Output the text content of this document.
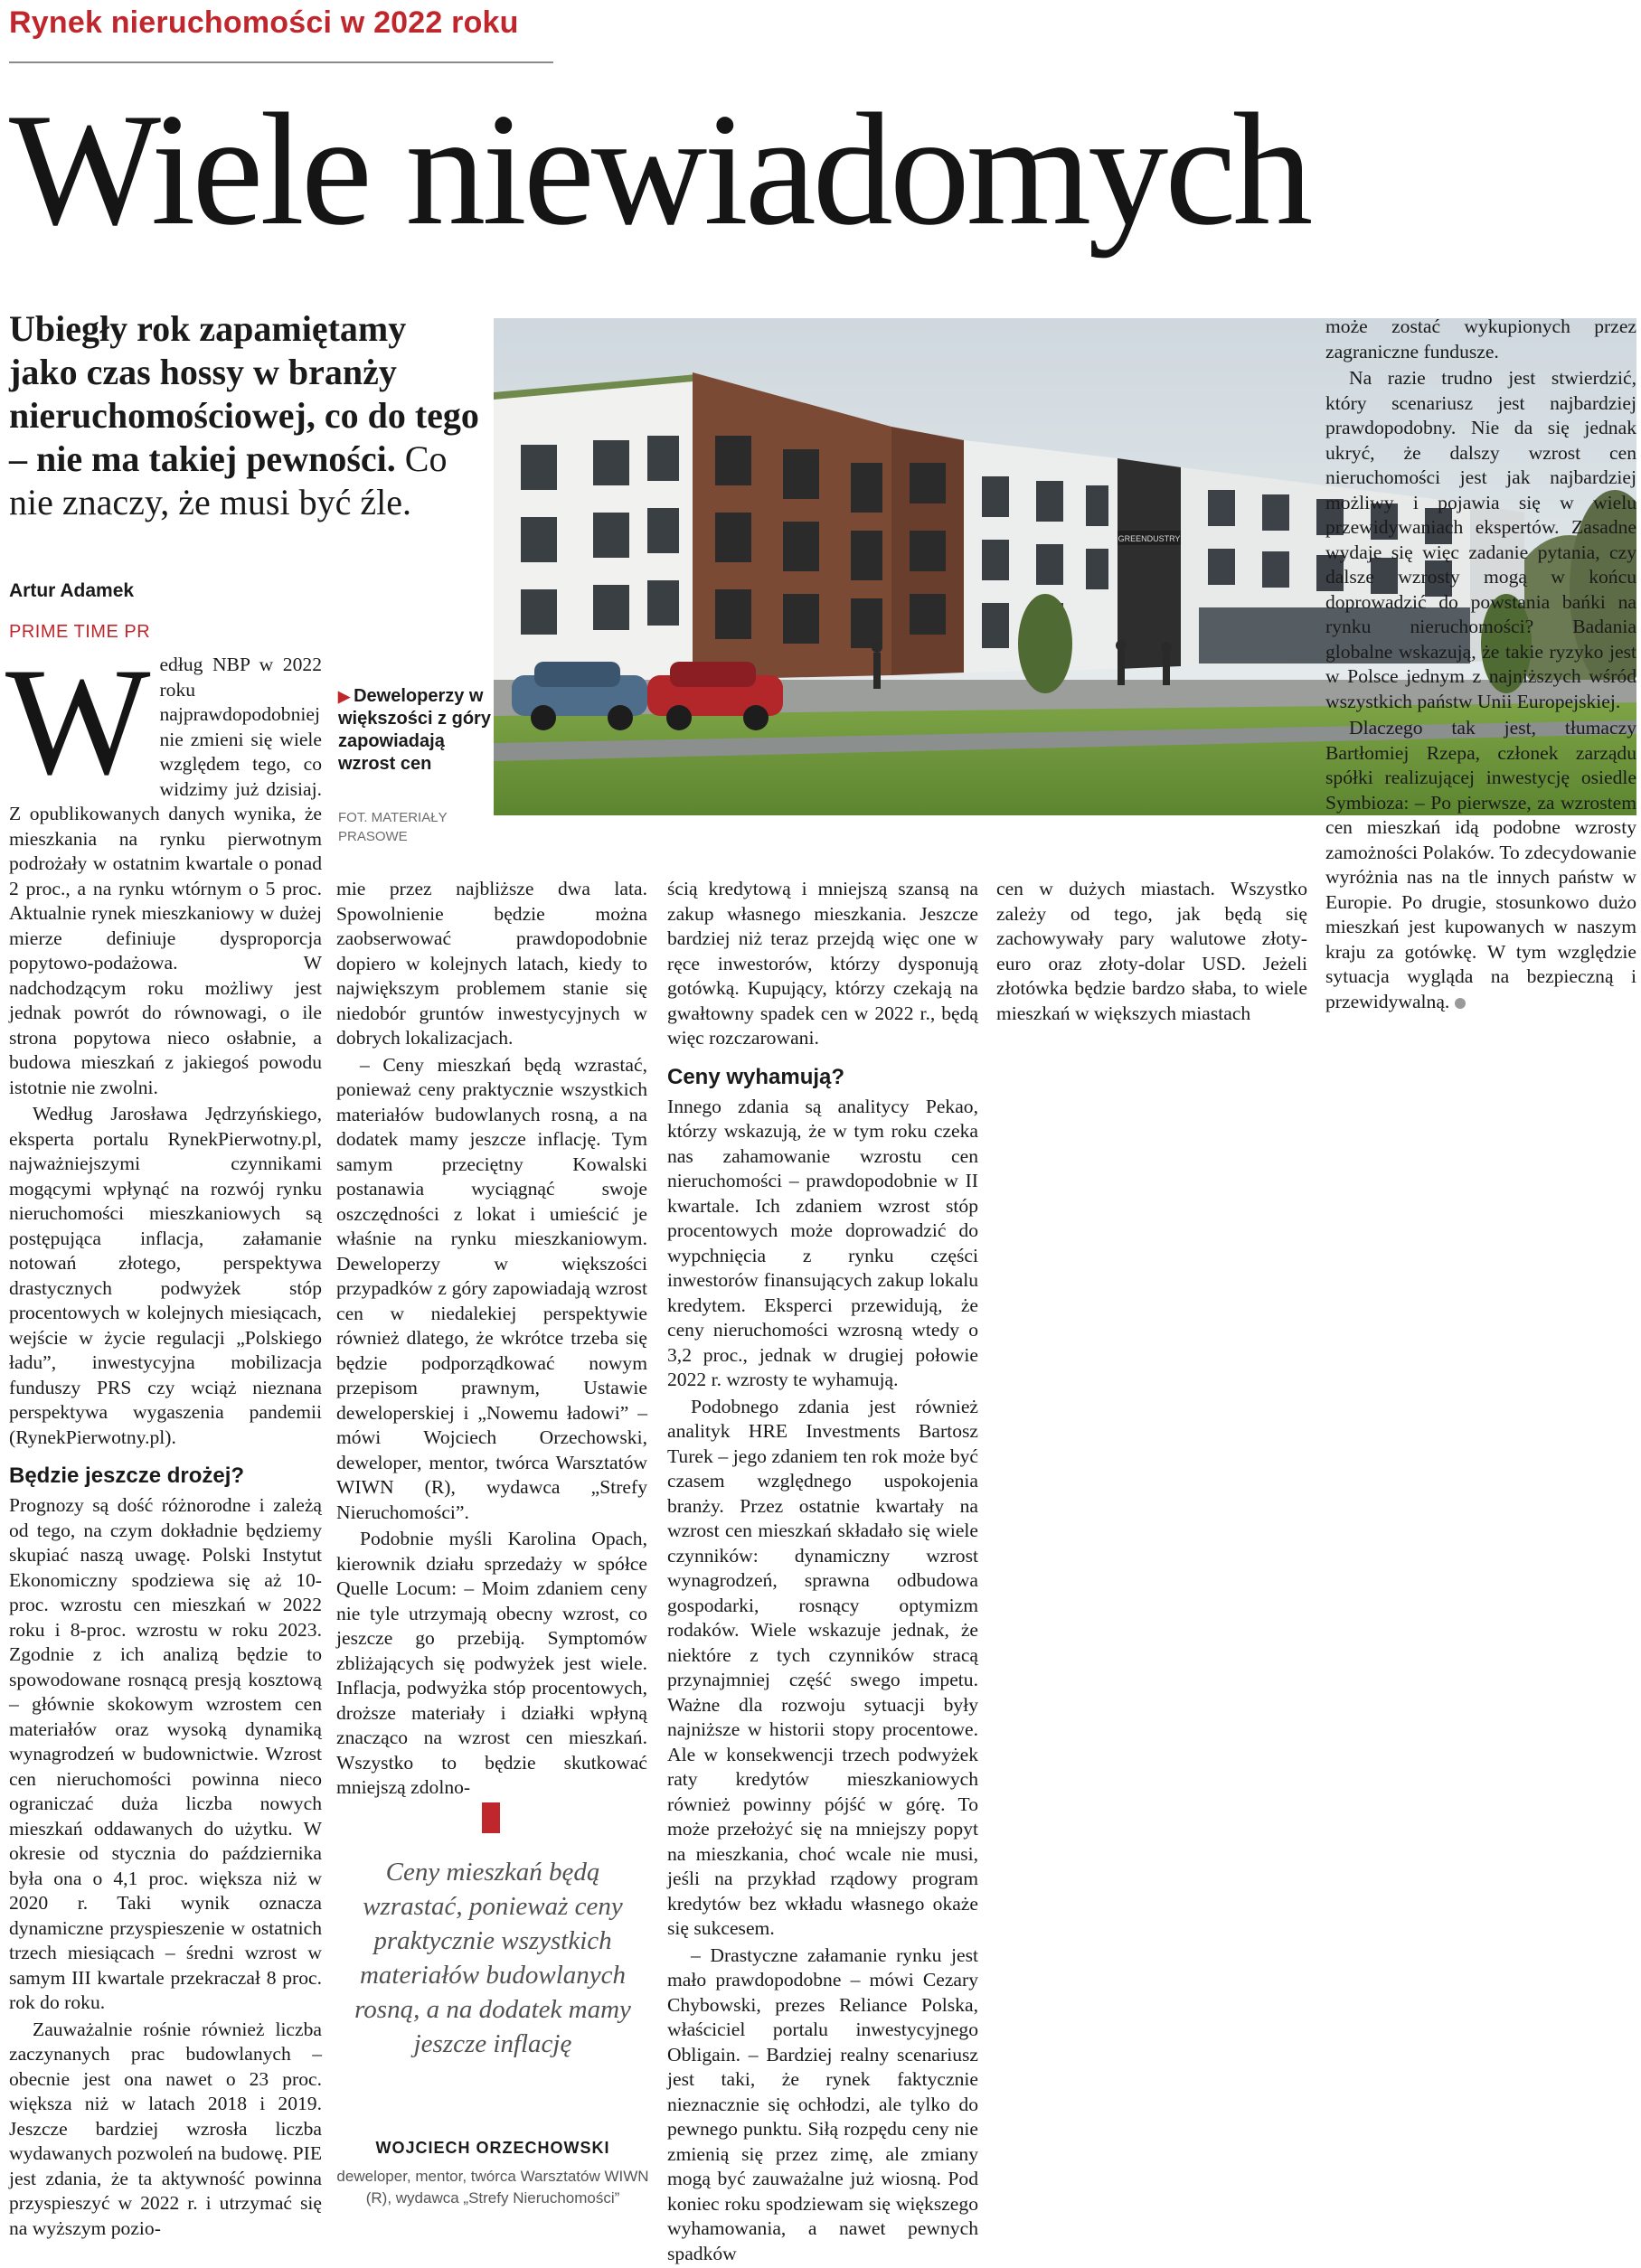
Rynek nieruchomości w 2022 roku
Wiele niewiadomych
Ubiegły rok zapamiętamy jako czas hossy w branży nieruchomościowej, co do tego – nie ma takiej pewności. Co nie znaczy, że musi być źle.
Artur Adamek
PRIME TIME PR
W edług NBP w 2022 roku najprawdopodobniej nie zmieni się wiele względem tego, co widzimy już dzisiaj. Z opublikowanych danych wynika, że mieszkania na rynku pierwotnym podrożały w ostatnim kwartale o ponad 2 proc., a na rynku wtórnym o 5 proc. Aktualnie rynek mieszkaniowy w dużej mierze definiuje dysproporcja popytowo-podażowa. W nadchodzącym roku możliwy jest jednak powrót do równowagi, o ile strona popytowa nieco osłabnie, a budowa mieszkań z jakiegoś powodu istotnie nie zwolni.

Według Jarosława Jędrzyńskiego, eksperta portalu RynekPierwotny.pl, najważniejszymi czynnikami mogącymi wpłynąć na rozwój rynku nieruchomości mieszkaniowych są postępująca inflacja, załamanie notowań złotego, perspektywa drastycznych podwyżek stóp procentowych w kolejnych miesiącach, wejście w życie regulacji „Polskiego ładu”, inwestycyjna mobilizacja funduszy PRS czy wciąż nieznana perspektywa wygaszenia pandemii (RynekPierwotny.pl).

Będzie jeszcze drożej?

Prognozy są dość różnorodne i zależą od tego, na czym dokładnie będziemy skupiać naszą uwagę. Polski Instytut Ekonomiczny spodziewa się aż 10-proc. wzrostu cen mieszkań w 2022 roku i 8-proc. wzrostu w roku 2023. Zgodnie z ich analizą będzie to spowodowane rosnącą presją kosztową – głównie skokowym wzrostem cen materiałów oraz wysoką dynamiką wynagrodzeń w budownictwie. Wzrost cen nieruchomości powinna nieco ograniczać duża liczba nowych mieszkań oddawanych do użytku. W okresie od stycznia do października była ona o 4,1 proc. większa niż w 2020 r. Taki wynik oznacza dynamiczne przyspieszenie w ostatnich trzech miesiącach – średni wzrost w samym III kwartale przekraczał 8 proc. rok do roku.

Zauważalnie rośnie również liczba zaczynanych prac budowlanych – obecnie jest ona nawet o 23 proc. większa niż w latach 2018 i 2019. Jeszcze bardziej wzrosła liczba wydawanych pozwoleń na budowę. PIE jest zdania, że ta aktywność powinna przyspieszyć w 2022 r. i utrzymać się na wyższym pozio-

▶ Deweloperzy w większości z góry zapowiadają wzrost cen
FOT. MATERIAŁY PRASOWE
GREENDUSTRY

mie przez najbliższe dwa lata. Spowolnienie będzie można zaobserwować prawdopodobnie dopiero w kolejnych latach, kiedy to największym problemem stanie się niedobór gruntów inwestycyjnych w dobrych lokalizacjach.

– Ceny mieszkań będą wzrastać, ponieważ ceny praktycznie wszystkich materiałów budowlanych rosną, a na dodatek mamy jeszcze inflację. Tym samym przeciętny Kowalski postanawia wyciągnąć swoje oszczędności z lokat i umieścić je właśnie na rynku mieszkaniowym. Deweloperzy w większości przypadków z góry zapowiadają wzrost cen w niedalekiej perspektywie również dlatego, że wkrótce trzeba się będzie podporządkować nowym przepisom prawnym, Ustawie deweloperskiej i „Nowemu ładowi” – mówi Wojciech Orzechowski, deweloper, mentor, twórca Warsztatów WIWN (R), wydawca „Strefy Nieruchomości”.

Podobnie myśli Karolina Opach, kierownik działu sprzedaży w spółce Quelle Locum: – Moim zdaniem ceny nie tyle utrzymają obecny wzrost, co jeszcze go przebiją. Symptomów zbliżających się podwyżek jest wiele. Inflacja, podwyżka stóp procentowych, droższe materiały i działki wpłyną znacząco na wzrost cen mieszkań. Wszystko to będzie skutkować mniejszą zdolno-

Ceny mieszkań będą wzrastać, ponieważ ceny praktycznie wszystkich materiałów budowlanych rosną, a na dodatek mamy jeszcze inflację
WOJCIECH ORZECHOWSKI
deweloper, mentor, twórca Warsztatów WIWN (R), wydawca „Strefy Nieruchomości”

ścią kredytową i mniejszą szansą na zakup własnego mieszkania. Jeszcze bardziej niż teraz przejdą więc one w ręce inwestorów, którzy dysponują gotówką. Kupujący, którzy czekają na gwałtowny spadek cen w 2022 r., będą więc rozczarowani.

Ceny wyhamują?

Innego zdania są analitycy Pekao, którzy wskazują, że w tym roku czeka nas zahamowanie wzrostu cen nieruchomości – prawdopodobnie w II kwartale. Ich zdaniem wzrost stóp procentowych może doprowadzić do wypchnięcia z rynku części inwestorów finansujących zakup lokalu kredytem. Eksperci przewidują, że ceny nieruchomości wzrosną wtedy o 3,2 proc., jednak w drugiej połowie 2022 r. wzrosty te wyhamują.

Podobnego zdania jest również analityk HRE Investments Bartosz Turek – jego zdaniem ten rok może być czasem względnego uspokojenia branży. Przez ostatnie kwartały na wzrost cen mieszkań składało się wiele czynników: dynamiczny wzrost wynagrodzeń, sprawna odbudowa gospodarki, rosnący optymizm rodaków. Wiele wskazuje jednak, że niektóre z tych czynników stracą przynajmniej część swego impetu. Ważne dla rozwoju sytuacji były najniższe w historii stopy procentowe. Ale w konsekwencji trzech podwyżek raty kredytów mieszkaniowych również powinny pójść w górę. To może przełożyć się na mniejszy popyt na mieszkania, choć wcale nie musi, jeśli na przykład rządowy program kredytów bez wkładu własnego okaże się sukcesem.

– Drastyczne załamanie rynku jest mało prawdopodobne – mówi Cezary Chybowski, prezes Reliance Polska, właściciel portalu inwestycyjnego Obligain. – Bardziej realny scenariusz jest taki, że rynek faktycznie nieznacznie się ochłodzi, ale tylko do pewnego punktu. Siłą rozpędu ceny nie zmienią się przez zimę, ale zmiany mogą być zauważalne już wiosną. Pod koniec roku spodziewam się większego wyhamowania, a nawet pewnych spadków

cen w dużych miastach. Wszystko zależy od tego, jak będą się zachowywały pary walutowe złoty-euro oraz złoty-dolar USD. Jeżeli złotówka będzie bardzo słaba, to wiele mieszkań w większych miastach

może zostać wykupionych przez zagraniczne fundusze.

Na razie trudno jest stwierdzić, który scenariusz jest najbardziej prawdopodobny. Nie da się jednak ukryć, że dalszy wzrost cen nieruchomości jest jak najbardziej możliwy i pojawia się w wielu przewidywaniach ekspertów. Zasadne wydaje się więc zadanie pytania, czy dalsze wzrosty mogą w końcu doprowadzić do powstania bańki na rynku nieruchomości? Badania globalne wskazują, że takie ryzyko jest w Polsce jednym z najniższych wśród wszystkich państw Unii Europejskiej.

Dlaczego tak jest, tłumaczy Bartłomiej Rzepa, członek zarządu spółki realizującej inwestycję osiedle Symbioza: – Po pierwsze, za wzrostem cen mieszkań idą podobne wzrosty zamożności Polaków. To zdecydowanie wyróżnia nas na tle innych państw w Europie. Po drugie, stosunkowo dużo mieszkań jest kupowanych w naszym kraju za gotówkę. W tym względzie sytuacja wygląda na bezpieczną i przewidywalną.
